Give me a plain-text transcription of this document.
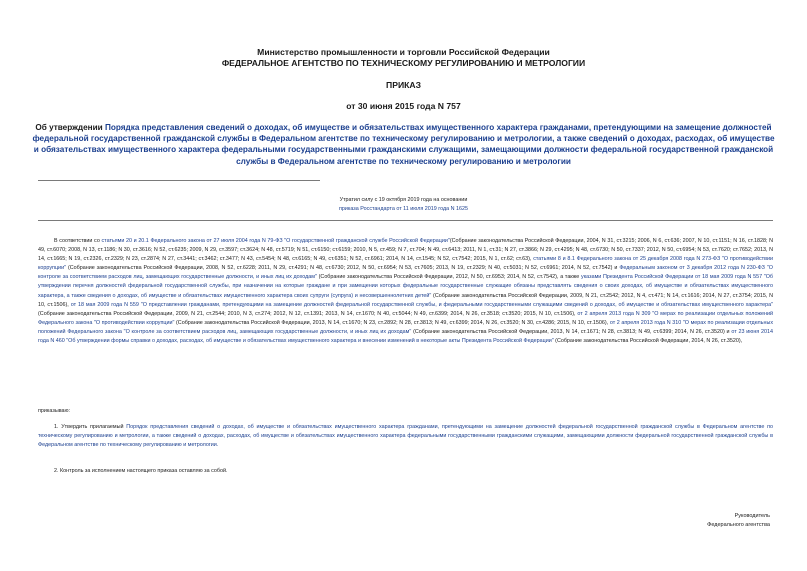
Министерство промышленности и торговли Российской Федерации
ФЕДЕРАЛЬНОЕ АГЕНТСТВО ПО ТЕХНИЧЕСКОМУ РЕГУЛИРОВАНИЮ И МЕТРОЛОГИИ
ПРИКАЗ
от 30 июня 2015 года N 757
Об утверждении Порядка представления сведений о доходах, об имуществе и обязательствах имущественного характера гражданами, претендующими на замещение должностей федеральной государственной гражданской службы в Федеральном агентстве по техническому регулированию и метрологии, а также сведений о доходах, расходах, об имуществе и обязательствах имущественного характера федеральными государственными гражданскими служащими, замещающими должности федеральной государственной гражданской службы в Федеральном агентстве по техническому регулированию и метрологии
Утратил силу с 19 октября 2019 года на основании
приказа Росстандарта от 11 июля 2019 года N 1625
В соответствии со статьями 20 и 20.1 Федерального закона от 27 июля 2004 года N 79-ФЗ "О государственной гражданской службе Российской Федерации"(Собрание законодательства Российской Федерации, 2004, N 31, ст.3215; 2006, N 6, ст.636; 2007, N 10, ст.1151; N 16, ст.1828; N 49, ст.6070; 2008, N 13, ст.1186; N 30, ст.3616; N 52, ст.6235; 2009, N 29, ст.3597; ст.3624; N 48, ст.5719; N 51, ст.6150; ст.6159; 2010, N 5, ст.459; N 7, ст.704; N 49, ст.6413; 2011, N 1, ст.31; N 27, ст.3866; N 29, ст.4295; N 48, ст.6730; N 50, ст.7337; 2012, N 50, ст.6954; N 53, ст.7620; ст.7652; 2013, N 14, ст.1665; N 19, ст.2326, ст.2329; N 23, ст.2874; N 27, ст.3441; ст.3462; ст.3477; N 43, ст.5454; N 48, ст.6165; N 49, ст.6351; N 52, ст.6961; 2014, N 14, ст.1545; N 52, ст.7542; 2015, N 1, ст.62; ст.63), статьями 8 и 8.1 Федерального закона от 25 декабря 2008 года N 273-ФЗ "О противодействии коррупции" (Собрание законодательства Российской Федерации, 2008, N 52, ст.6228; 2011, N 29, ст.4291; N 48, ст.6730; 2012, N 50, ст.6954; N 53, ст.7605; 2013, N 19, ст.2329; N 40, ст.5031; N 52, ст.6961; 2014, N 52, ст.7542) и Федеральным законом от 3 декабря 2012 года N 230-ФЗ "О контроле за соответствием расходов лиц, замещающих государственные должности, и иных лиц их доходам" (Собрание законодательства Российской Федерации, 2012, N 50, ст.6953; 2014, N 52, ст.7542), а также указами Президента Российской Федерации от 18 мая 2009 года N 557 "Об утверждении перечня должностей федеральной государственной службы, при назначении на которые граждане и при замещении которых федеральные государственные служащие обязаны представлять сведения о своих доходах, об имуществе и обязательствах имущественного характера, а также сведения о доходах, об имуществе и обязательствах имущественного характера своих супруги (супруга) и несовершеннолетних детей" (Собрание законодательства Российской Федерации, 2009, N 21, ст.2542; 2012, N 4, ст.471; N 14, ст.1616; 2014, N 27, ст.3754; 2015, N 10, ст.1506), от 18 мая 2009 года N 559 "О представлении гражданами, претендующими на замещение должностей федеральной государственной службы, и федеральными государственными служащими сведений о доходах, об имуществе и обязательствах имущественного характера" (Собрание законодательства Российской Федерации, 2009, N 21, ст.2544; 2010, N 3, ст.274; 2012, N 12, ст.1391; 2013, N 14, ст.1670; N 40, ст.5044; N 49, ст.6399; 2014, N 26, ст.3518; ст.3520; 2015, N 10, ст.1506), от 2 апреля 2013 года N 309 "О мерах по реализации отдельных положений Федерального закона "О противодействии коррупции" (Собрание законодательства Российской Федерации, 2013, N 14, ст.1670; N 23, ст.2892; N 28, ст.3813; N 49, ст.6399; 2014, N 26, ст.3520; N 30, ст.4286; 2015, N 10, ст.1506), от 2 апреля 2013 года N 310 "О мерах по реализации отдельных положений Федерального закона "О контроле за соответствием расходов лиц, замещающих государственные должности, и иных лиц их доходам" (Собрание законодательства Российской Федерации, 2013, N 14, ст.1671; N 28, ст.3813; N 49, ст.6399; 2014, N 26, ст.3520) и от 23 июня 2014 года N 460 "Об утверждении формы справки о доходах, расходах, об имуществе и обязательствах имущественного характера и внесении изменений в некоторые акты Президента Российской Федерации" (Собрание законодательства Российской Федерации, 2014, N 26, ст.3520),
приказываю:
1. Утвердить прилагаемый Порядок представления сведений о доходах, об имуществе и обязательствах имущественного характера гражданами, претендующими на замещение должностей федеральной государственной гражданской службы в Федеральном агентстве по техническому регулированию и метрологии, а также сведений о доходах, расходах, об имуществе и обязательствах имущественного характера федеральными государственными гражданскими служащими, замещающими должности федеральной государственной гражданской службы в Федеральном агентстве по техническому регулированию и метрологии.
2. Контроль за исполнением настоящего приказа оставляю за собой.
Руководитель
Федерального агентства
